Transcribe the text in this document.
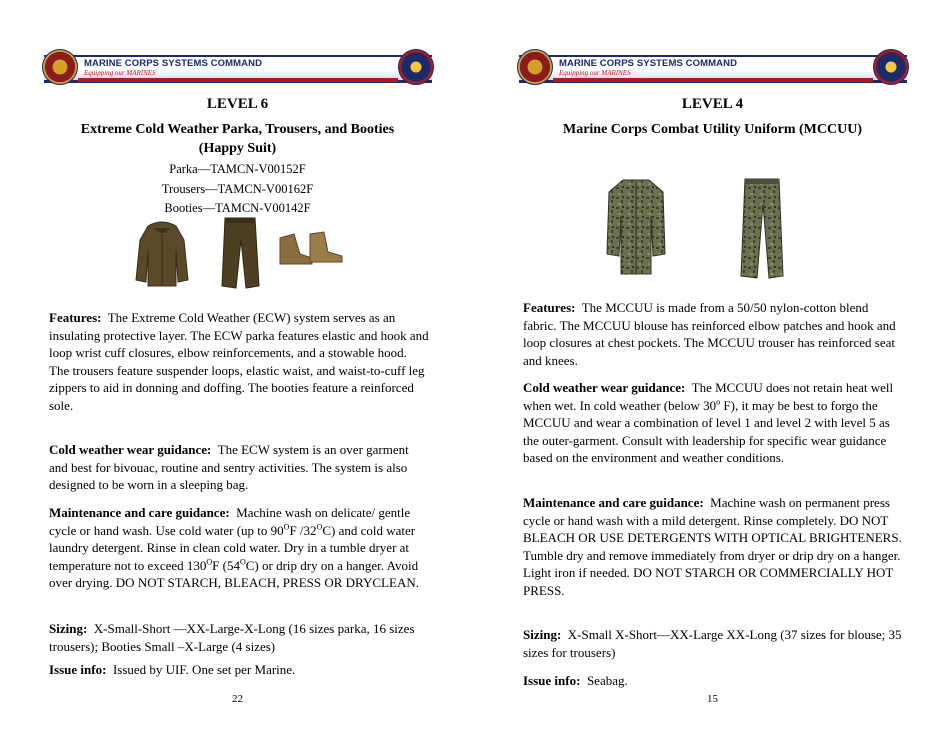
MARINE CORPS SYSTEMS COMMAND
Equipping our MARINES
LEVEL 6
Extreme Cold Weather Parka, Trousers, and Booties
(Happy Suit)
Parka—TAMCN-V00152F
Trousers—TAMCN-V00162F
Booties—TAMCN-V00142F

Features: The Extreme Cold Weather (ECW) system serves as an insulating protective layer. The ECW parka features elastic and hook and loop wrist cuff closures, elbow reinforcements, and a stowable hood. The trousers feature suspender loops, elastic waist, and waist-to-cuff leg zippers to aid in donning and doffing. The booties feature a reinforced sole.

Cold weather wear guidance: The ECW system is an over garment and best for bivouac, routine and sentry activities. The system is also designed to be worn in a sleeping bag.

Maintenance and care guidance: Machine wash on delicate/ gentle cycle or hand wash. Use cold water (up to $90^OF$ $/32^OC$) and cold water laundry detergent. Rinse in clean cold water. Dry in a tumble dryer at temperature not to exceed $130^OF$ $(54^OC)$ or drip dry on a hanger. Avoid over drying. DO NOT STARCH, BLEACH, PRESS OR DRYCLEAN.

Sizing: X-Small-Short —XX-Large-X-Long (16 sizes parka, 16 sizes trousers); Booties Small –X-Large (4 sizes)

Issue info: Issued by UIF. One set per Marine.

22
MARINE CORPS SYSTEMS COMMAND
Equipping our MARINES
LEVEL 4
Marine Corps Combat Utility Uniform (MCCUU)

Features: The MCCUU is made from a 50/50 nylon-cotton blend fabric. The MCCUU blouse has reinforced elbow patches and hook and loop closures at chest pockets. The MCCUU trouser has reinforced seat and knees.

Cold weather wear guidance: The MCCUU does not retain heat well when wet. In cold weather (below 30$^o$ F), it may be best to forgo the MCCUU and wear a combination of level 1 and level 2 with level 5 as the outer-garment. Consult with leadership for specific wear guidance based on the environment and weather conditions.

Maintenance and care guidance: Machine wash on permanent press cycle or hand wash with a mild detergent. Rinse completely. DO NOT BLEACH OR USE DETERGENTS WITH OPTICAL BRIGHTENERS. Tumble dry and remove immediately from dryer or drip dry on a hanger. Light iron if needed. DO NOT STARCH OR COMMERCIALLY HOT PRESS.

Sizing: X-Small X-Short—XX-Large XX-Long (37 sizes for blouse; 35 sizes for trousers)

Issue info: Seabag.

15
